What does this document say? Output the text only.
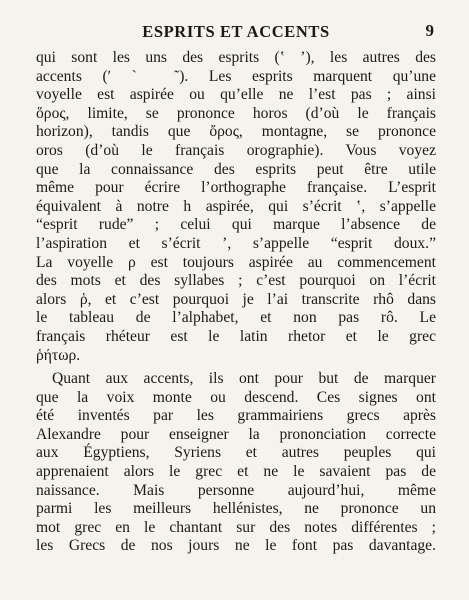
ESPRITS ET ACCENTS	9

qui sont les uns des esprits (ʽ ʼ), les autres des
accents (ʹ ˋ ˜). Les esprits marquent qu’une
voyelle est aspirée ou qu’elle ne l’est pas ; ainsi
ὅρος, limite, se prononce horos (d’où le français
horizon), tandis que ὄρος, montagne, se prononce
oros (d’où le français orographie). Vous voyez
que la connaissance des esprits peut être utile
même pour écrire l’orthographe française. L’esprit
équivalent à notre h aspirée, qui s’écrit ʽ, s’appelle
“esprit rude” ; celui qui marque l’absence de
l’aspiration et s’écrit ʼ, s’appelle “esprit doux.”
La voyelle ρ est toujours aspirée au commencement
des mots et des syllabes ; c’est pourquoi on l’écrit
alors ῥ, et c’est pourquoi je l’ai transcrite rhô dans
le tableau de l’alphabet, et non pas rô. Le
français rhéteur est le latin rhetor et le grec
ῥήτωρ.

Quant aux accents, ils ont pour but de marquer
que la voix monte ou descend. Ces signes ont
été inventés par les grammairiens grecs après
Alexandre pour enseigner la prononciation correcte
aux Égyptiens, Syriens et autres peuples qui
apprenaient alors le grec et ne le savaient pas de
naissance. Mais personne aujourd’hui, même
parmi les meilleurs hellénistes, ne prononce un
mot grec en le chantant sur des notes différentes ;
les Grecs de nos jours ne le font pas davantage.
